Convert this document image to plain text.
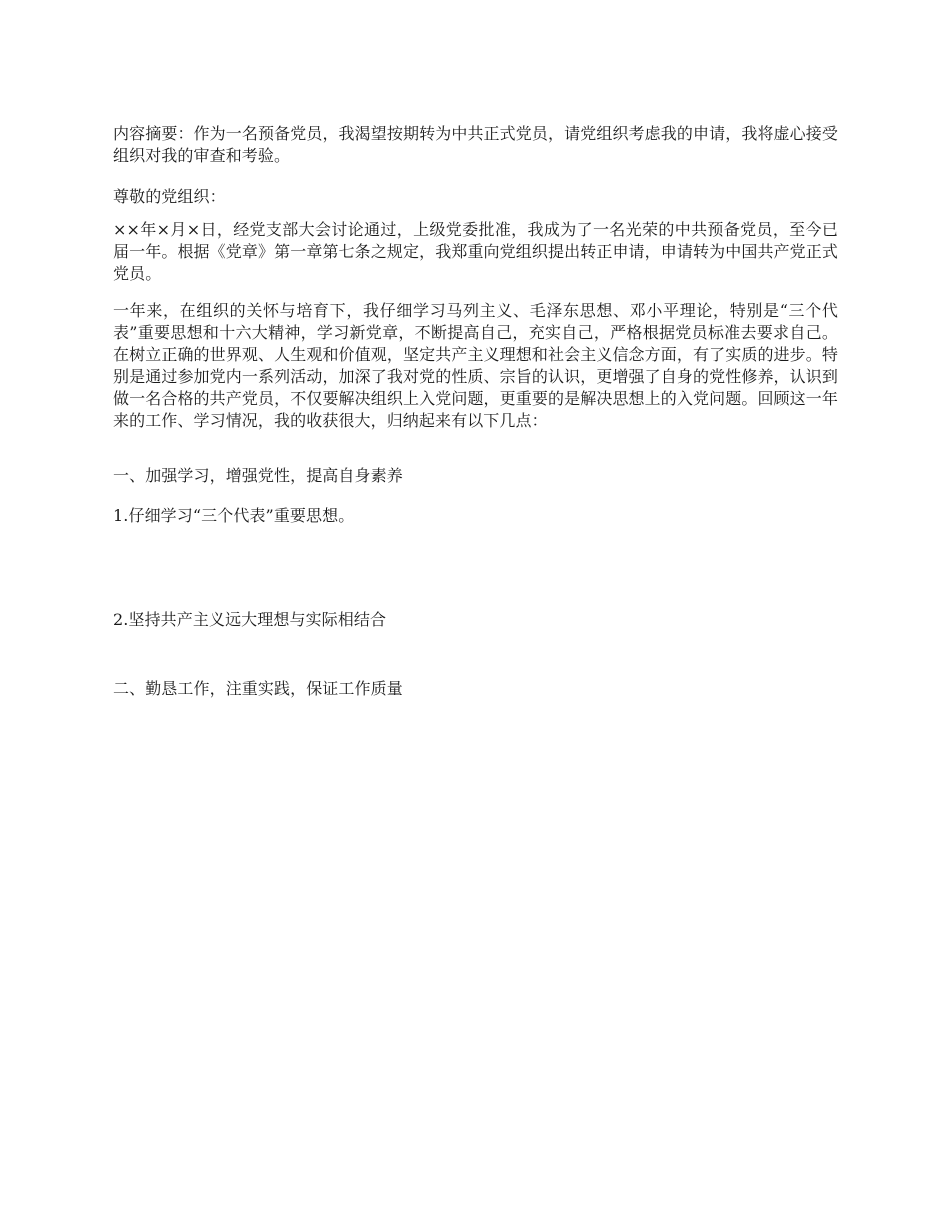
内容摘要：作为一名预备党员，我渴望按期转为中共正式党员，请党组织考虑我的申请，我将虚心接受组织对我的审查和考验。

尊敬的党组织：

××年×月×日，经党支部大会讨论通过，上级党委批准，我成为了一名光荣的中共预备党员，至今已届一年。根据《党章》第一章第七条之规定，我郑重向党组织提出转正申请，申请转为中国共产党正式党员。

一年来，在组织的关怀与培育下，我仔细学习马列主义、毛泽东思想、邓小平理论，特别是“三个代表”重要思想和十六大精神，学习新党章，不断提高自己，充实自己，严格根据党员标准去要求自己。在树立正确的世界观、人生观和价值观，坚定共产主义理想和社会主义信念方面，有了实质的进步。特别是通过参加党内一系列活动，加深了我对党的性质、宗旨的认识，更增强了自身的党性修养，认识到做一名合格的共产党员，不仅要解决组织上入党问题，更重要的是解决思想上的入党问题。回顾这一年来的工作、学习情况，我的收获很大，归纳起来有以下几点：

一、加强学习，增强党性，提高自身素养

1.仔细学习“三个代表”重要思想。

2.坚持共产主义远大理想与实际相结合

二、勤恳工作，注重实践，保证工作质量
